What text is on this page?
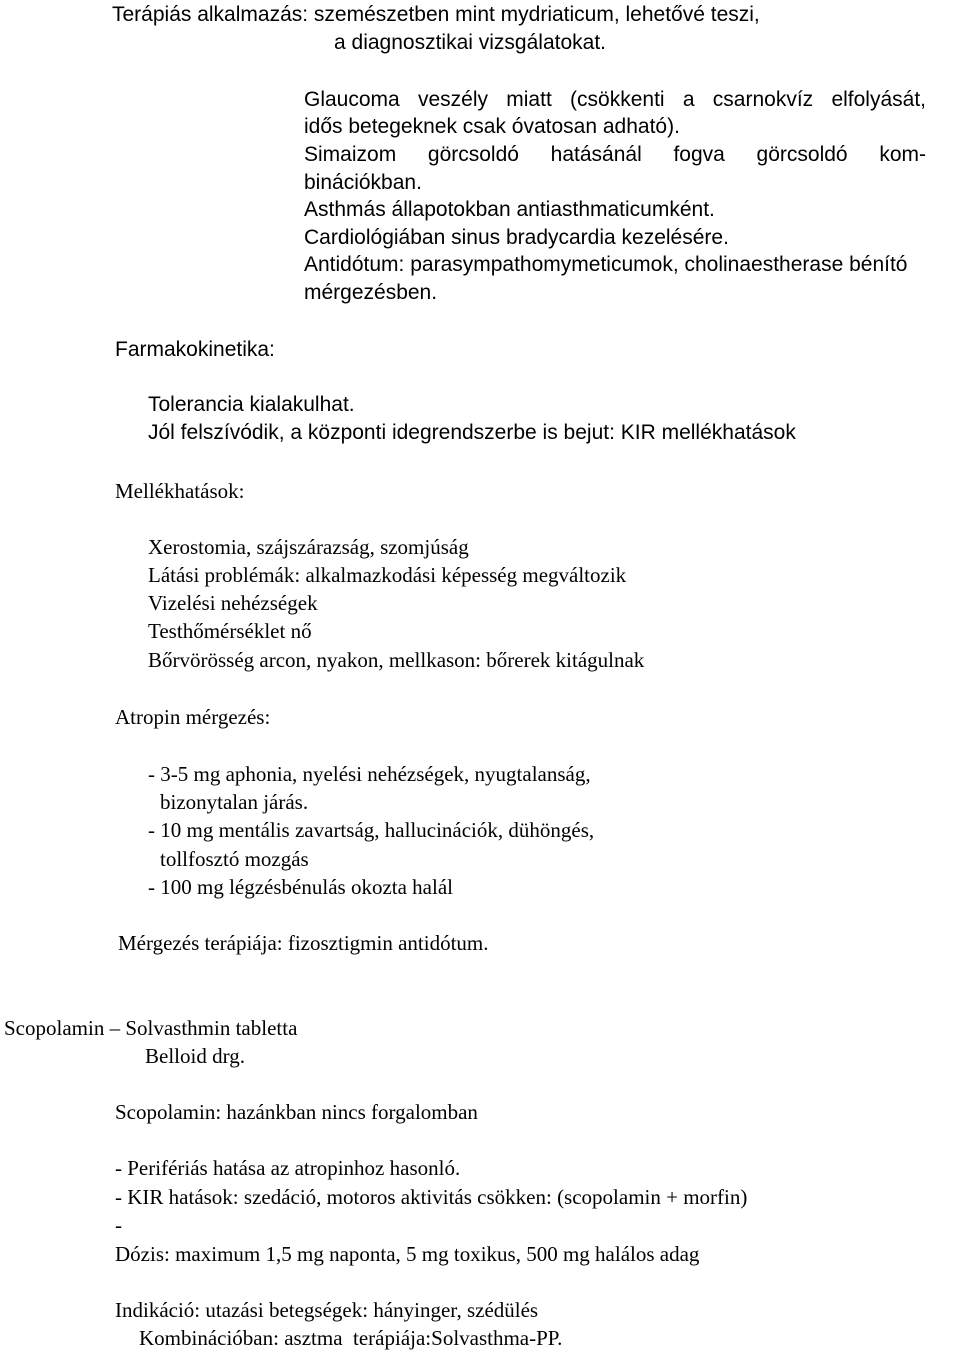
Terápiás alkalmazás: szemészetben mint mydriaticum, lehetővé teszi,
a diagnosztikai vizsgálatokat.
Glaucoma veszély miatt (csökkenti a csarnokvíz elfolyását,
idős betegeknek csak óvatosan adható).
Simaizom görcsoldó hatásánál fogva görcsoldó kom-
binációkban.
Asthmás állapotokban antiasthmaticumként.
Cardiológiában sinus bradycardia kezelésére.
Antidótum: parasympathomymeticumok, cholinaestherase bénító
mérgezésben.
Farmakokinetika:
Tolerancia kialakulhat.
Jól felszívódik, a központi idegrendszerbe is bejut: KIR mellékhatások
Mellékhatások:
Xerostomia, szájszárazság, szomjúság
Látási problémák: alkalmazkodási képesség megváltozik
Vizelési nehézségek
Testhőmérséklet nő
Bőrvörösség arcon, nyakon, mellkason: bőrerek kitágulnak
Atropin mérgezés:
- 3-5 mg aphonia, nyelési nehézségek, nyugtalanság,
bizonytalan járás.
- 10 mg mentális zavartság, hallucinációk, dühöngés,
tollfosztó mozgás
- 100 mg légzésbénulás okozta halál
Mérgezés terápiája: fizosztigmin antidótum.
Scopolamin – Solvasthmin tabletta
Belloid drg.
Scopolamin: hazánkban nincs forgalomban
- Perifériás hatása az atropinhoz hasonló.
- KIR hatások: szedáció, motoros aktivitás csökken: (scopolamin + morfin)
-
Dózis: maximum 1,5 mg naponta, 5 mg toxikus, 500 mg halálos adag
Indikáció: utazási betegségek: hányinger, szédülés
Kombinációban: asztma  terápiája:Solvasthma-PP.
